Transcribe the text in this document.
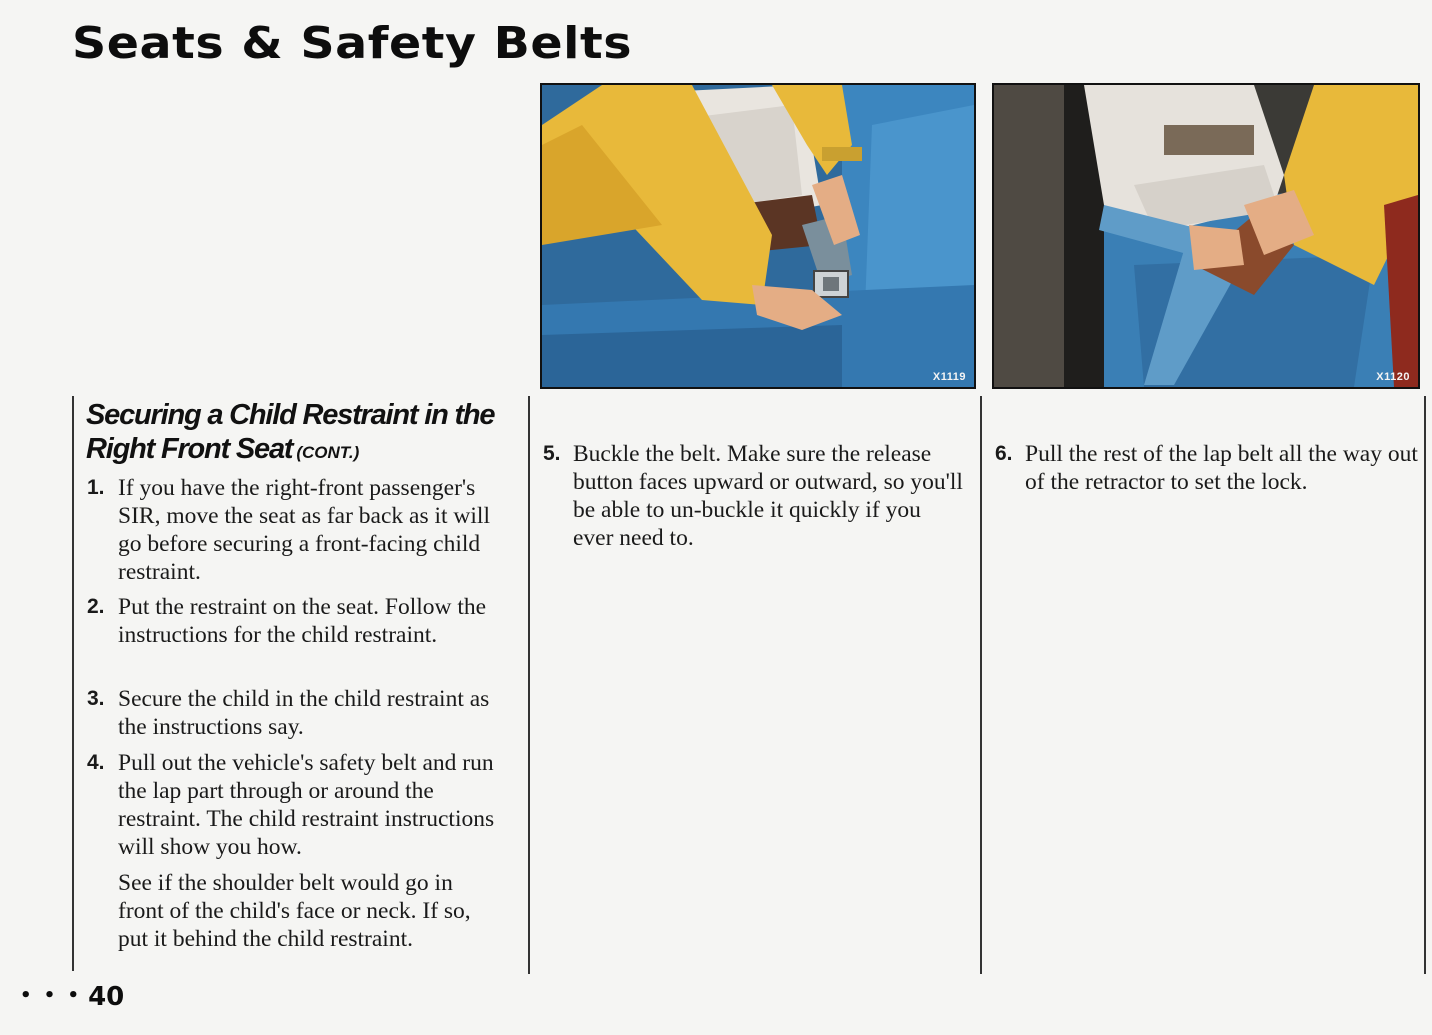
Seats & Safety Belts
X1119	X1120
Securing a Child Restraint in the Right Front Seat (CONT.)
1. If you have the right-front passenger's SIR, move the seat as far back as it will go before securing a front-facing child restraint.
2. Put the restraint on the seat. Follow the instructions for the child restraint.
3. Secure the child in the child restraint as the instructions say.
4. Pull out the vehicle's safety belt and run the lap part through or around the restraint. The child restraint instructions will show you how.
See if the shoulder belt would go in front of the child's face or neck. If so, put it behind the child restraint.
5. Buckle the belt. Make sure the release button faces upward or outward, so you'll be able to un-buckle it quickly if you ever need to.
6. Pull the rest of the lap belt all the way out of the retractor to set the lock.
• • • 40
